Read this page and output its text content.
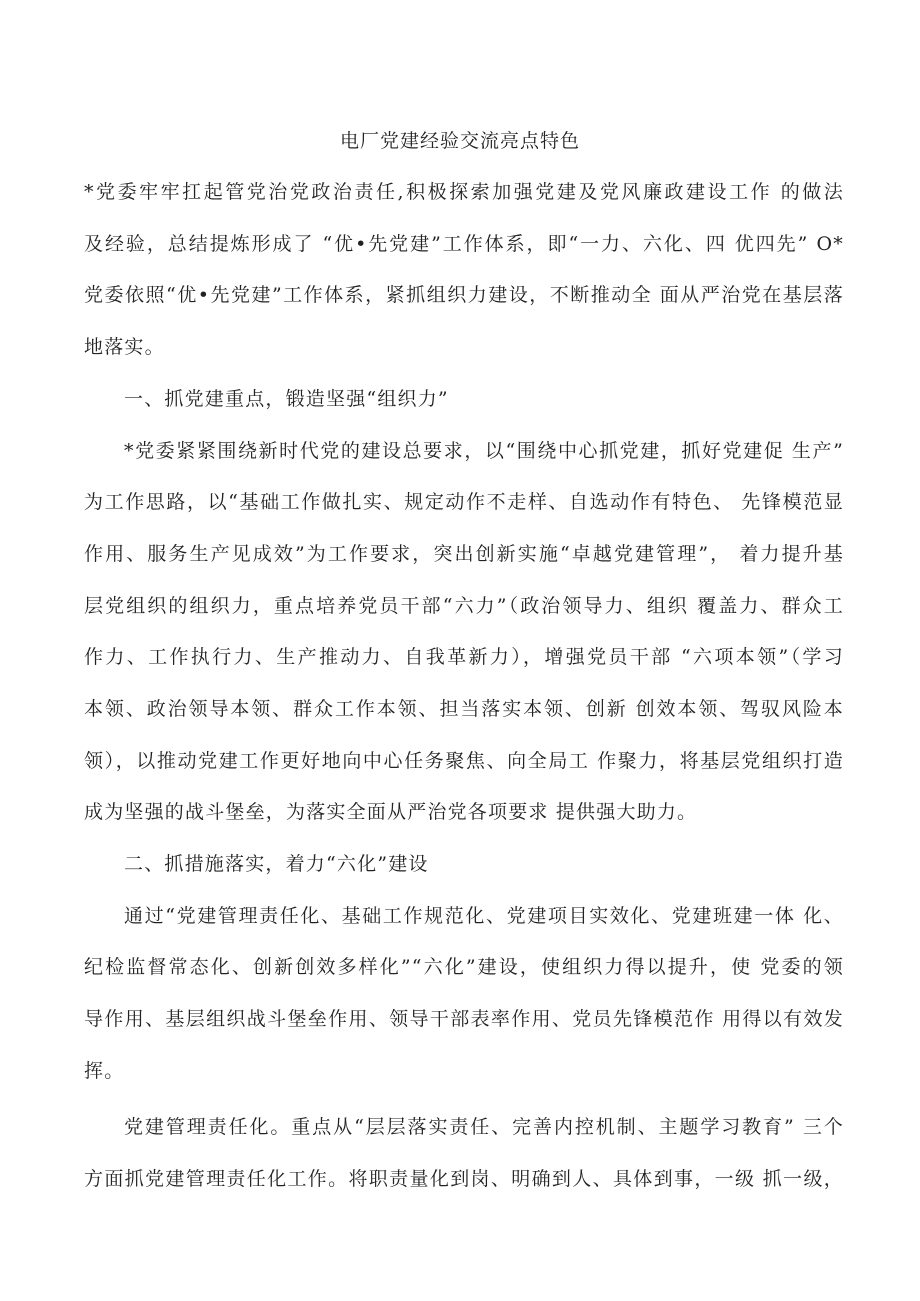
电厂党建经验交流亮点特色
*党委牢牢扛起管党治党政治责任,积极探索加强党建及党风廉政建设工作 的做法
及经验，总结提炼形成了 “优•先党建”工作体系，即“一力、六化、四 优四先” O*
党委依照“优•先党建”工作体系，紧抓组织力建设，不断推动全 面从严治党在基层落
地落实。
一、抓党建重点，锻造坚强“组织力”
*党委紧紧围绕新时代党的建设总要求，以“围绕中心抓党建，抓好党建促 生产”
为工作思路，以“基础工作做扎实、规定动作不走样、自选动作有特色、 先锋模范显
作用、服务生产见成效”为工作要求，突出创新实施“卓越党建管理”， 着力提升基
层党组织的组织力，重点培养党员干部“六力”（政治领导力、组织 覆盖力、群众工
作力、工作执行力、生产推动力、自我革新力），增强党员干部 “六项本领”（学习
本领、政治领导本领、群众工作本领、担当落实本领、创新 创效本领、驾驭风险本
领），以推动党建工作更好地向中心任务聚焦、向全局工 作聚力，将基层党组织打造
成为坚强的战斗堡垒，为落实全面从严治党各项要求 提供强大助力。
二、抓措施落实，着力“六化”建设
通过“党建管理责任化、基础工作规范化、党建项目实效化、党建班建一体 化、
纪检监督常态化、创新创效多样化”“六化”建设，使组织力得以提升，使 党委的领
导作用、基层组织战斗堡垒作用、领导干部表率作用、党员先锋模范作 用得以有效发
挥。
党建管理责任化。重点从“层层落实责任、完善内控机制、主题学习教育” 三个
方面抓党建管理责任化工作。将职责量化到岗、明确到人、具体到事，一级 抓一级，
